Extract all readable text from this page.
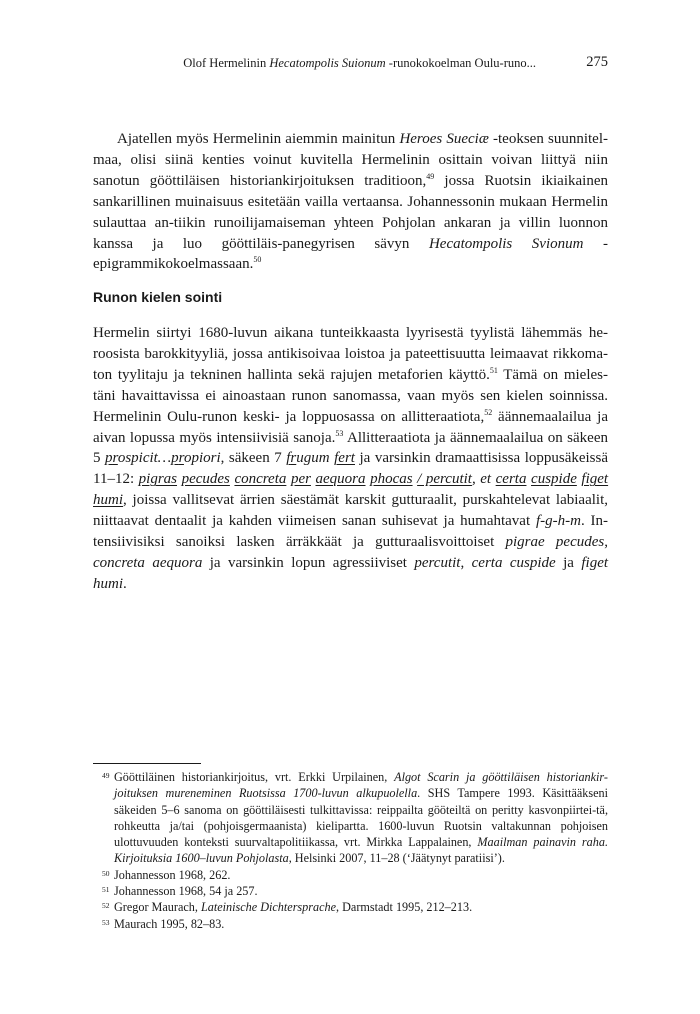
Olof Hermelinin Hecatompolis Suionum -runokokoelman Oulu-runo...	275

Ajatellen myös Hermelinin aiemmin mainitun Heroes Sueciæ -teoksen suunnitel-maa, olisi siinä kenties voinut kuvitella Hermelinin osittain voivan liittyä niin sanotun gööttiläisen historiankirjoituksen traditioon,$^{49}$ jossa Ruotsin ikiaikainen sankarillinen muinaisuus esitetään vailla vertaansa. Johannessonin mukaan Hermelin sulauttaa an-tiikin runoilijamaiseman yhteen Pohjolan ankaran ja villin luonnon kanssa ja luo gööttiläis-panegyrisen sävyn Hecatompolis Svionum -epigrammikokoelmassaan.$^{50}$

Runon kielen sointi

Hermelin siirtyi 1680-luvun aikana tunteikkaasta lyyrisestä tyylistä lähemmäs he-roosista barokkityyliä, jossa antikisoivaa loistoa ja pateettisuutta leimaavat rikkoma-ton tyylitaju ja tekninen hallinta sekä rajujen metaforien käyttö.$^{51}$ Tämä on mieles-täni havaittavissa ei ainoastaan runon sanomassa, vaan myös sen kielen soinnissa. Hermelinin Oulu-runon keski- ja loppuosassa on allitteraatiota,$^{52}$ äännemaalailua ja aivan lopussa myös intensiivisiä sanoja.$^{53}$ Allitteraatiota ja äännemaalailua on säkeen 5 prospicit…propiori, säkeen 7 frugum fert ja varsinkin dramaattisissa loppusäkeissä 11–12: pigras pecudes concreta per aequora phocas / percutit, et certa cuspide figet humi, joissa vallitsevat ärrien säestämät karskit gutturaalit, purskahtelevat labiaalit, niittaavat dentaalit ja kahden viimeisen sanan suhisevat ja humahtavat f-g-h-m. In-tensiivisiksi sanoiksi lasken ärräkkäät ja gutturaalisvoittoiset pigrae pecudes, concreta aequora ja varsinkin lopun agressiiviset percutit, certa cuspide ja figet humi.

49 Gööttiläinen historiankirjoitus, vrt. Erkki Urpilainen, Algot Scarin ja gööttiläisen historiankir-joituksen mureneminen Ruotsissa 1700-luvun alkupuolella. SHS Tampere 1993. Käsittääkseni säkeiden 5–6 sanoma on gööttiläisesti tulkittavissa: reippailta gööteiltä on peritty kasvonpiirtei-tä, rohkeutta ja/tai (pohjoisgermaanista) kielipartta. 1600-luvun Ruotsin valtakunnan pohjoisen ulottuvuuden konteksti suurvaltapolitiikassa, vrt. Mirkka Lappalainen, Maailman painavin raha. Kirjoituksia 1600–luvun Pohjolasta, Helsinki 2007, 11–28 (‘Jäätynyt paratiisi’).
50 Johannesson 1968, 262.
51 Johannesson 1968, 54 ja 257.
52 Gregor Maurach, Lateinische Dichtersprache, Darmstadt 1995, 212–213.
53 Maurach 1995, 82–83.
